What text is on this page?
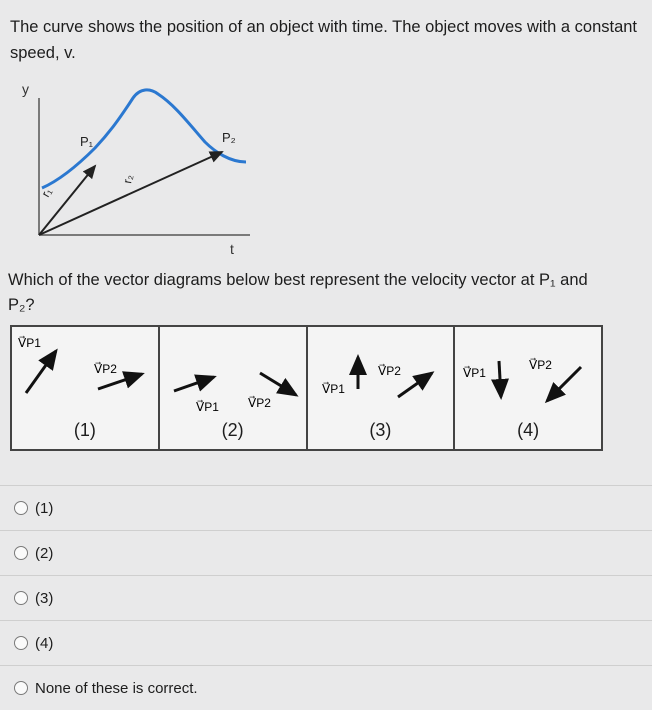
The curve shows the position of an object with time. The object moves with a constant speed, v.
y
t
P₁	P₂
r₁
r₂
Which of the vector diagrams below best represent the velocity vector at P₁ and
P₂?
V⃗P1
V⃗P2
(1)
V⃗P1 V⃗P2
(2)
V⃗P1
V⃗P2
(3)
V⃗P1
V⃗P2
(4)
(1)
(2)
(3)
(4)
None of these is correct.
